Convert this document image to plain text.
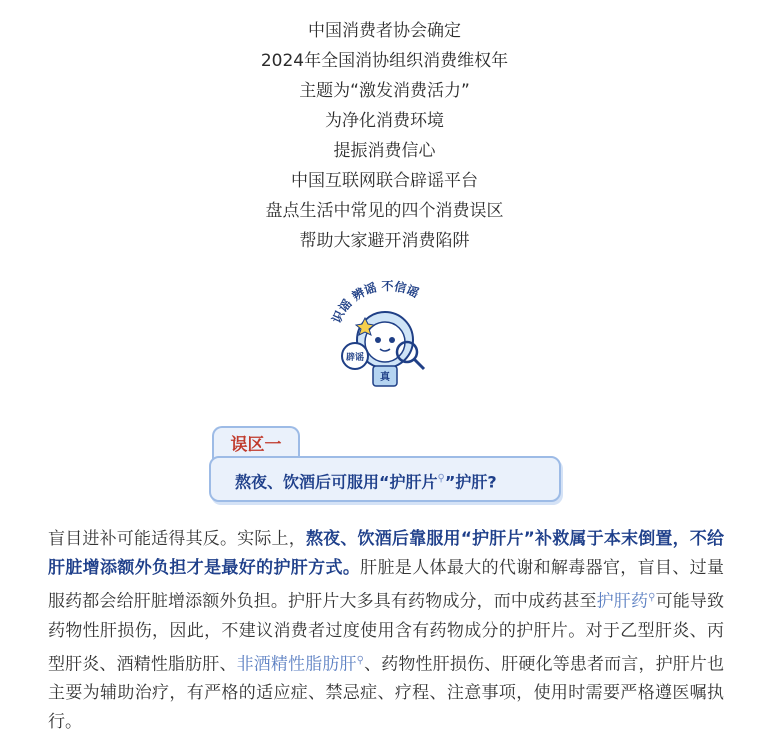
中国消费者协会确定
2024年全国消协组织消费维权年
主题为“激发消费活力”
为净化消费环境
提振消费信心
中国互联网联合辟谣平台
盘点生活中常见的四个消费误区
帮助大家避开消费陷阱
识谣 辨谣 不信谣
辟谣
真
误区一
熬夜、饮酒后可服用“护肝片⚲”护肝?
盲目进补可能适得其反。实际上，熬夜、饮酒后靠服用“护肝片”补救属于本末倒置，不给肝脏增添额外负担才是最好的护肝方式。肝脏是人体最大的代谢和解毒器官，盲目、过量服药都会给肝脏增添额外负担。护肝片大多具有药物成分，而中成药甚至护肝药⚲可能导致药物性肝损伤，因此，不建议消费者过度使用含有药物成分的护肝片。对于乙型肝炎、丙型肝炎、酒精性脂肪肝、非酒精性脂肪肝⚲、药物性肝损伤、肝硬化等患者而言，护肝片也主要为辅助治疗，有严格的适应症、禁忌症、疗程、注意事项，使用时需要严格遵医嘱执行。
